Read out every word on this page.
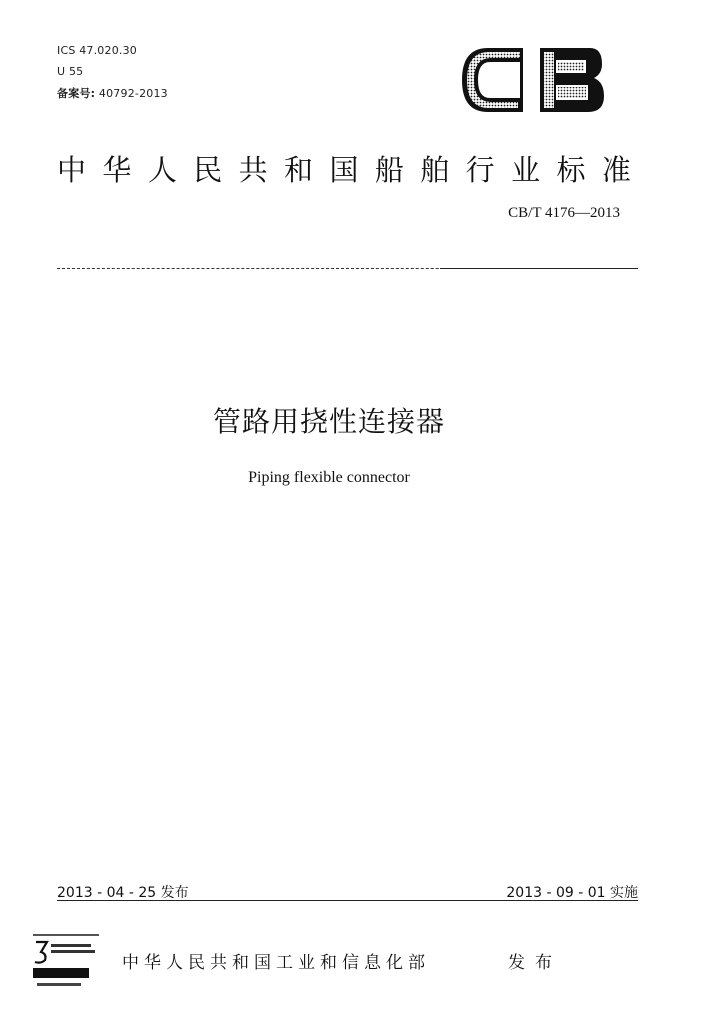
ICS 47.020.30
U 55
备案号: 40792-2013
中 华 人 民 共 和 国 船 舶 行 业 标 准
CB/T 4176—2013
管路用挠性连接器
Piping flexible connector
2013 - 04 - 25 发布	2013 - 09 - 01 实施
中华人民共和国工业和信息化部	发布
